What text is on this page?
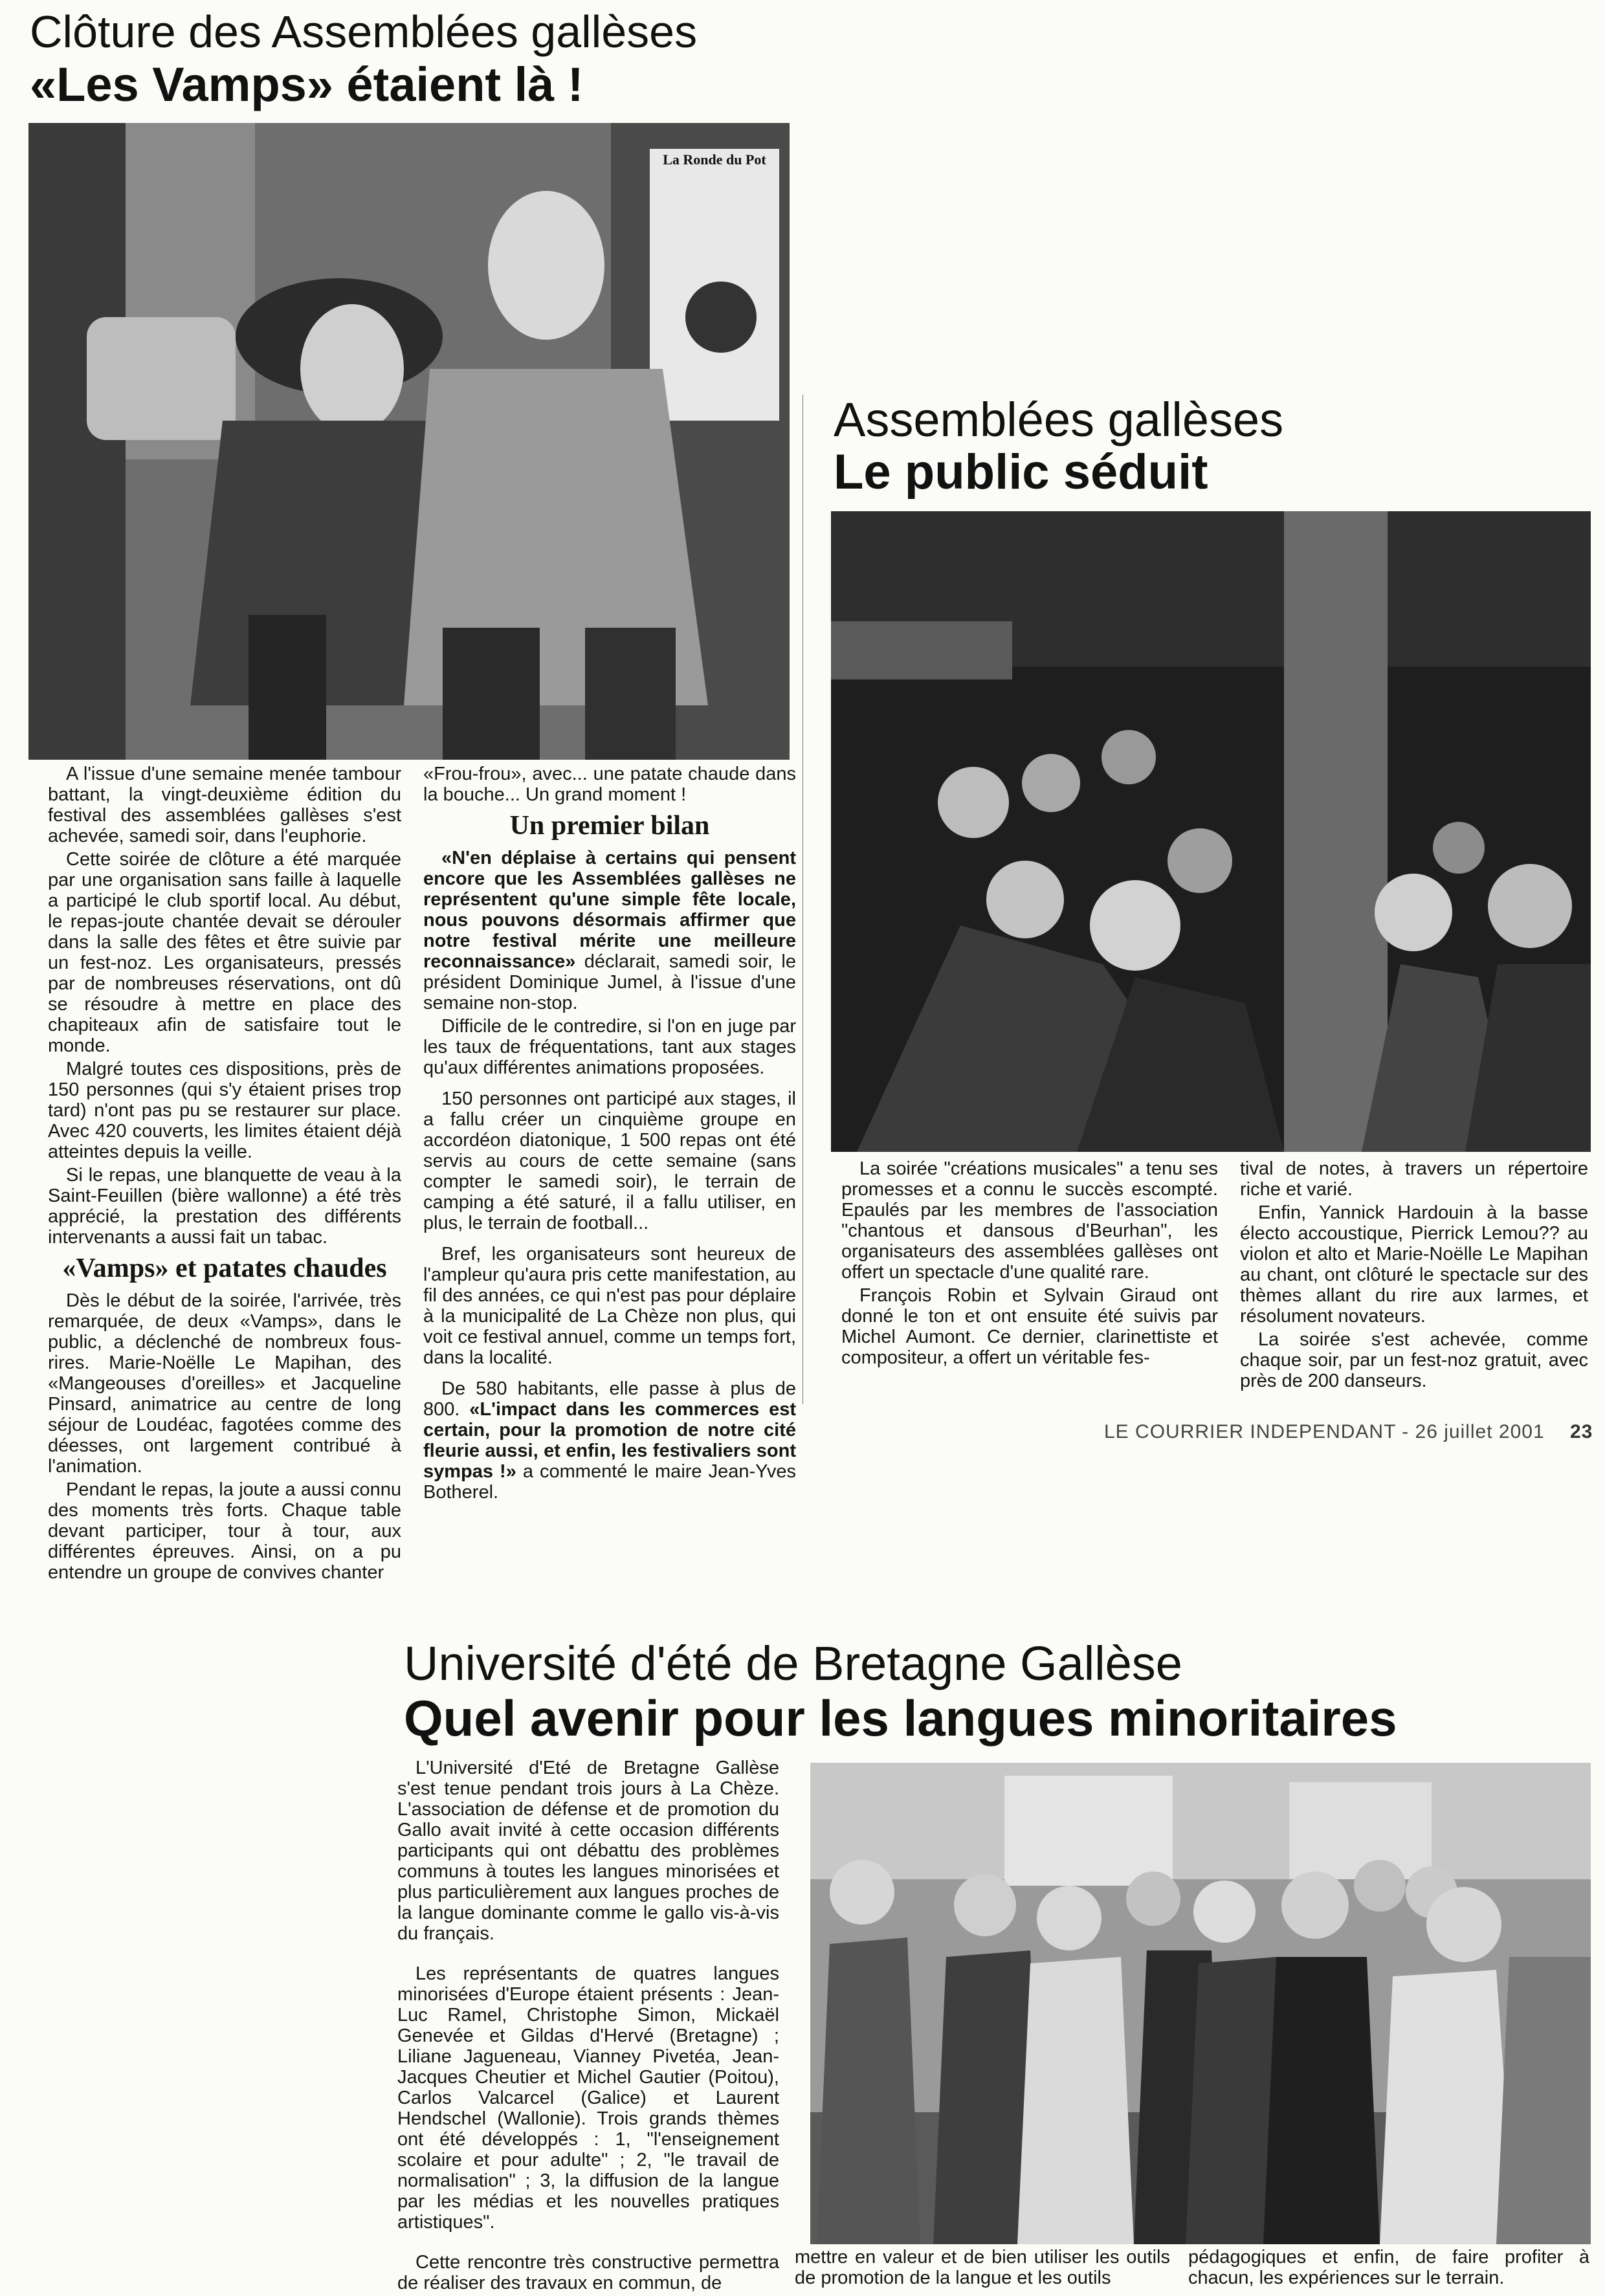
Clôture des Assemblées gallèses
«Les Vamps» étaient là !
La Ronde du Pot

A l'issue d'une semaine menée tambour battant, la vingt-deuxième édition du festival des assemblées gallèses s'est achevée, samedi soir, dans l'euphorie.

Cette soirée de clôture a été marquée par une organisation sans faille à laquelle a participé le club sportif local. Au début, le repas-joute chantée devait se dérouler dans la salle des fêtes et être suivie par un fest-noz. Les organisateurs, pressés par de nombreuses réservations, ont dû se résoudre à mettre en place des chapiteaux afin de satisfaire tout le monde.

Malgré toutes ces dispositions, près de 150 personnes (qui s'y étaient prises trop tard) n'ont pas pu se restaurer sur place. Avec 420 couverts, les limites étaient déjà atteintes depuis la veille.

Si le repas, une blanquette de veau à la Saint-Feuillen (bière wallonne) a été très apprécié, la prestation des différents intervenants a aussi fait un tabac.

«Vamps» et patates chaudes

Dès le début de la soirée, l'arrivée, très remarquée, de deux «Vamps», dans le public, a déclenché de nombreux fous-rires. Marie-Noëlle Le Mapihan, des «Mangeouses d'oreilles» et Jacqueline Pinsard, animatrice au centre de long séjour de Loudéac, fagotées comme des déesses, ont largement contribué à l'animation.

Pendant le repas, la joute a aussi connu des moments très forts. Chaque table devant participer, tour à tour, aux différentes épreuves. Ainsi, on a pu entendre un groupe de convives chanter

«Frou-frou», avec... une patate chaude dans la bouche... Un grand moment !

Un premier bilan

«N'en déplaise à certains qui pensent encore que les Assemblées gallèses ne représentent qu'une simple fête locale, nous pouvons désormais affirmer que notre festival mérite une meilleure reconnaissance» déclarait, samedi soir, le président Dominique Jumel, à l'issue d'une semaine non-stop.

Difficile de le contredire, si l'on en juge par les taux de fréquentations, tant aux stages qu'aux différentes animations proposées.

150 personnes ont participé aux stages, il a fallu créer un cinquième groupe en accordéon diatonique, 1 500 repas ont été servis au cours de cette semaine (sans compter le samedi soir), le terrain de camping a été saturé, il a fallu utiliser, en plus, le terrain de football...

Bref, les organisateurs sont heureux de l'ampleur qu'aura pris cette manifestation, au fil des années, ce qui n'est pas pour déplaire à la municipalité de La Chèze non plus, qui voit ce festival annuel, comme un temps fort, dans la localité.

De 580 habitants, elle passe à plus de 800. «L'impact dans les commerces est certain, pour la promotion de notre cité fleurie aussi, et enfin, les festivaliers sont sympas !» a commenté le maire Jean-Yves Botherel.

Assemblées gallèses
Le public séduit

La soirée "créations musicales" a tenu ses promesses et a connu le succès escompté. Epaulés par les membres de l'association "chantous et dansous d'Beurhan", les organisateurs des assemblées gallèses ont offert un spectacle d'une qualité rare.

François Robin et Sylvain Giraud ont donné le ton et ont ensuite été suivis par Michel Aumont. Ce dernier, clarinettiste et compositeur, a offert un véritable fes-

tival de notes, à travers un répertoire riche et varié.

Enfin, Yannick Hardouin à la basse électo accoustique, Pierrick Lemou?? au violon et alto et Marie-Noëlle Le Mapihan au chant, ont clôturé le spectacle sur des thèmes allant du rire aux larmes, et résolument novateurs.

La soirée s'est achevée, comme chaque soir, par un fest-noz gratuit, avec près de 200 danseurs.

LE COURRIER INDEPENDANT - 26 juillet 2001 23
Université d'été de Bretagne Gallèse
Quel avenir pour les langues minoritaires

L'Université d'Eté de Bretagne Gallèse s'est tenue pendant trois jours à La Chèze. L'association de défense et de promotion du Gallo avait invité à cette occasion différents participants qui ont débattu des problèmes communs à toutes les langues minorisées et plus particulièrement aux langues proches de la langue dominante comme le gallo vis-à-vis du français.

Les représentants de quatres langues minorisées d'Europe étaient présents : Jean-Luc Ramel, Christophe Simon, Mickaël Genevée et Gildas d'Hervé (Bretagne) ; Liliane Jagueneau, Vianney Pivetéa, Jean-Jacques Cheutier et Michel Gautier (Poitou), Carlos Valcarcel (Galice) et Laurent Hendschel (Wallonie). Trois grands thèmes ont été développés : 1, "l'enseignement scolaire et pour adulte" ; 2, "le travail de normalisation" ; 3, la diffusion de la langue par les médias et les nouvelles pratiques artistiques".

Cette rencontre très constructive permettra de réaliser des travaux en commun, de

mettre en valeur et de bien utiliser les outils de promotion de la langue et les outils

pédagogiques et enfin, de faire profiter à chacun, les expériences sur le terrain.
